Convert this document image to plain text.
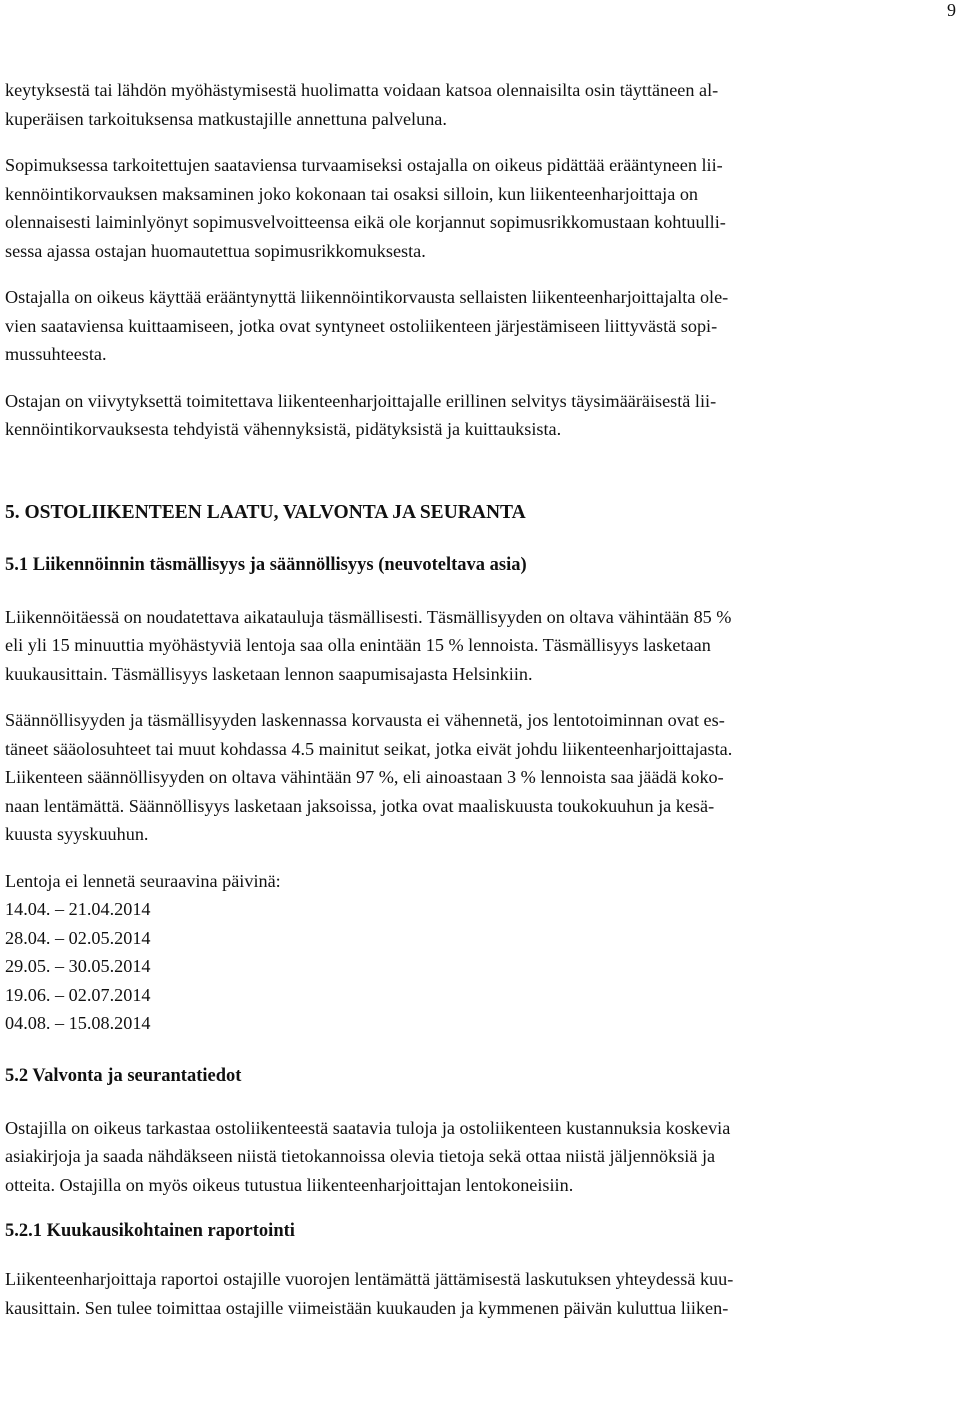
9

keytyksestä tai lähdön myöhästymisestä huolimatta voidaan katsoa olennaisilta osin täyttäneen al-
kuperäisen tarkoituksensa matkustajille annettuna palveluna.

Sopimuksessa tarkoitettujen saataviensa turvaamiseksi ostajalla on oikeus pidättää erääntyneen lii-
kennöintikorvauksen maksaminen joko kokonaan tai osaksi silloin, kun liikenteenharjoittaja on
olennaisesti laiminlyönyt sopimusvelvoitteensa eikä ole korjannut sopimusrikkomustaan kohtuulli-
sessa ajassa ostajan huomautettua sopimusrikkomuksesta.

Ostajalla on oikeus käyttää erääntynyttä liikennöintikorvausta sellaisten liikenteenharjoittajalta ole-
vien saataviensa kuittaamiseen, jotka ovat syntyneet ostoliikenteen järjestämiseen liittyvästä sopi-
mussuhteesta.

Ostajan on viivytyksettä toimitettava liikenteenharjoittajalle erillinen selvitys täysimääräisestä lii-
kennöintikorvauksesta tehdyistä vähennyksistä, pidätyksistä ja kuittauksista.

5. OSTOLIIKENTEEN LAATU, VALVONTA JA SEURANTA
5.1 Liikennöinnin täsmällisyys ja säännöllisyys (neuvoteltava asia)

Liikennöitäessä on noudatettava aikatauluja täsmällisesti. Täsmällisyyden on oltava vähintään 85 %
eli yli 15 minuuttia myöhästyviä lentoja saa olla enintään 15 % lennoista. Täsmällisyys lasketaan
kuukausittain. Täsmällisyys lasketaan lennon saapumisajasta Helsinkiin.

Säännöllisyyden ja täsmällisyyden laskennassa korvausta ei vähennetä, jos lentotoiminnan ovat es-
täneet sääolosuhteet tai muut kohdassa 4.5 mainitut seikat, jotka eivät johdu liikenteenharjoittajasta.
Liikenteen säännöllisyyden on oltava vähintään 97 %, eli ainoastaan 3 % lennoista saa jäädä koko-
naan lentämättä. Säännöllisyys lasketaan jaksoissa, jotka ovat maaliskuusta toukokuuhun ja kesä-
kuusta syyskuuhun.

Lentoja ei lennetä seuraavina päivinä:
14.04. – 21.04.2014
28.04. – 02.05.2014
29.05. – 30.05.2014
19.06. – 02.07.2014
04.08. – 15.08.2014
5.2 Valvonta ja seurantatiedot

Ostajilla on oikeus tarkastaa ostoliikenteestä saatavia tuloja ja ostoliikenteen kustannuksia koskevia
asiakirjoja ja saada nähdäkseen niistä tietokannoissa olevia tietoja sekä ottaa niistä jäljennöksiä ja
otteita. Ostajilla on myös oikeus tutustua liikenteenharjoittajan lentokoneisiin.

5.2.1 Kuukausikohtainen raportointi

Liikenteenharjoittaja raportoi ostajille vuorojen lentämättä jättämisestä laskutuksen yhteydessä kuu-
kausittain. Sen tulee toimittaa ostajille viimeistään kuukauden ja kymmenen päivän kuluttua liiken-
